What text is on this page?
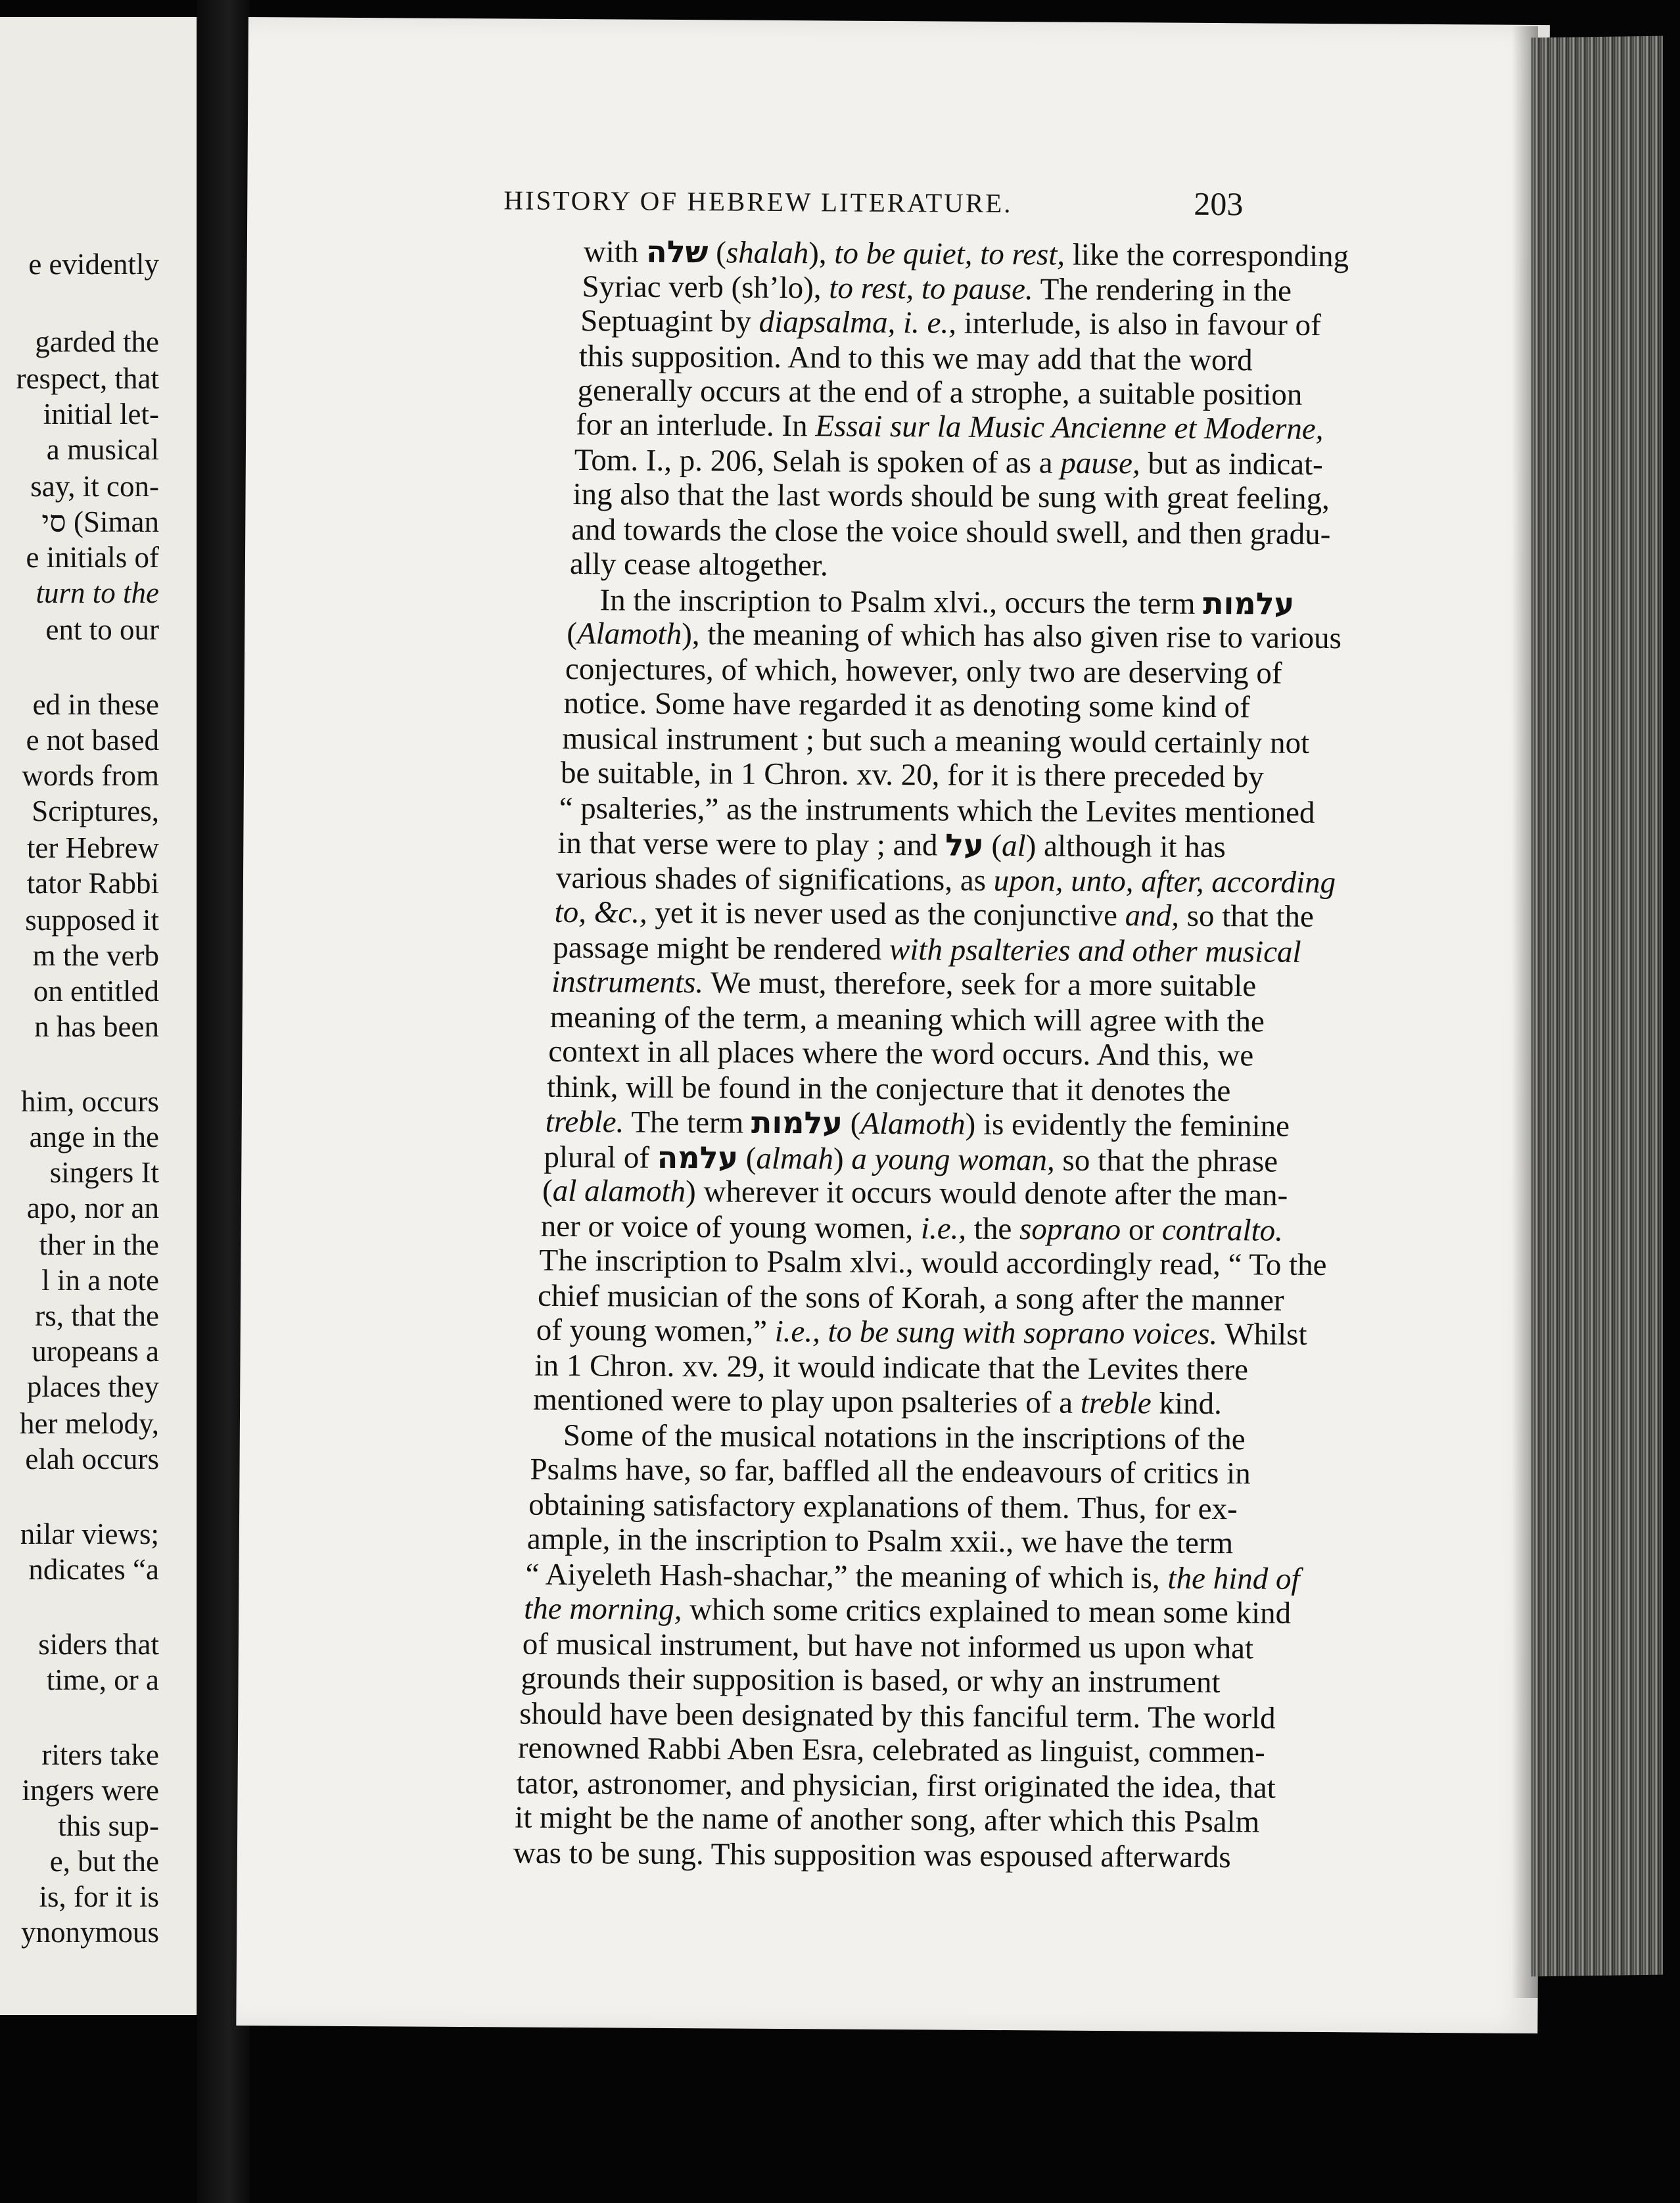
e evidently
garded the
respect, that
initial let-
a musical
say, it con-
סי (Siman
e initials of
turn to the
ent to our
ed in these
e not based
words from
Scriptures,
ter Hebrew
tator Rabbi
supposed it
m the verb
on entitled
n has been
him, occurs
ange in the
singers It
apo, nor an
ther in the
l in a note
rs, that the
uropeans a
places they
her melody,
elah occurs
nilar views;
ndicates “a
siders that
time, or a
riters take
ingers were
this sup-
e, but the
is, for it is
ynonymous
HISTORY OF HEBREW LITERATURE.	203
with שלה (shalah), to be quiet, to rest, like the corresponding
Syriac verb (sh’lo), to rest, to pause. The rendering in the
Septuagint by diapsalma, i. e., interlude, is also in favour of
this supposition. And to this we may add that the word
generally occurs at the end of a strophe, a suitable position
for an interlude. In Essai sur la Music Ancienne et Moderne,
Tom. I., p. 206, Selah is spoken of as a pause, but as indicat-
ing also that the last words should be sung with great feeling,
and towards the close the voice should swell, and then gradu-
ally cease altogether.
In the inscription to Psalm xlvi., occurs the term עלמות
(Alamoth), the meaning of which has also given rise to various
conjectures, of which, however, only two are deserving of
notice. Some have regarded it as denoting some kind of
musical instrument ; but such a meaning would certainly not
be suitable, in 1 Chron. xv. 20, for it is there preceded by
“ psalteries,” as the instruments which the Levites mentioned
in that verse were to play ; and על (al) although it has
various shades of significations, as upon, unto, after, according
to, &c., yet it is never used as the conjunctive and, so that the
passage might be rendered with psalteries and other musical
instruments. We must, therefore, seek for a more suitable
meaning of the term, a meaning which will agree with the
context in all places where the word occurs. And this, we
think, will be found in the conjecture that it denotes the
treble. The term עלמות (Alamoth) is evidently the feminine
plural of עלמה (almah) a young woman, so that the phrase
(al alamoth) wherever it occurs would denote after the man-
ner or voice of young women, i.e., the soprano or contralto.
The inscription to Psalm xlvi., would accordingly read, “ To the
chief musician of the sons of Korah, a song after the manner
of young women,” i.e., to be sung with soprano voices. Whilst
in 1 Chron. xv. 29, it would indicate that the Levites there
mentioned were to play upon psalteries of a treble kind.
Some of the musical notations in the inscriptions of the
Psalms have, so far, baffled all the endeavours of critics in
obtaining satisfactory explanations of them. Thus, for ex-
ample, in the inscription to Psalm xxii., we have the term
“ Aiyeleth Hash-shachar,” the meaning of which is, the hind of
the morning, which some critics explained to mean some kind
of musical instrument, but have not informed us upon what
grounds their supposition is based, or why an instrument
should have been designated by this fanciful term. The world
renowned Rabbi Aben Esra, celebrated as linguist, commen-
tator, astronomer, and physician, first originated the idea, that
it might be the name of another song, after which this Psalm
was to be sung. This supposition was espoused afterwards
